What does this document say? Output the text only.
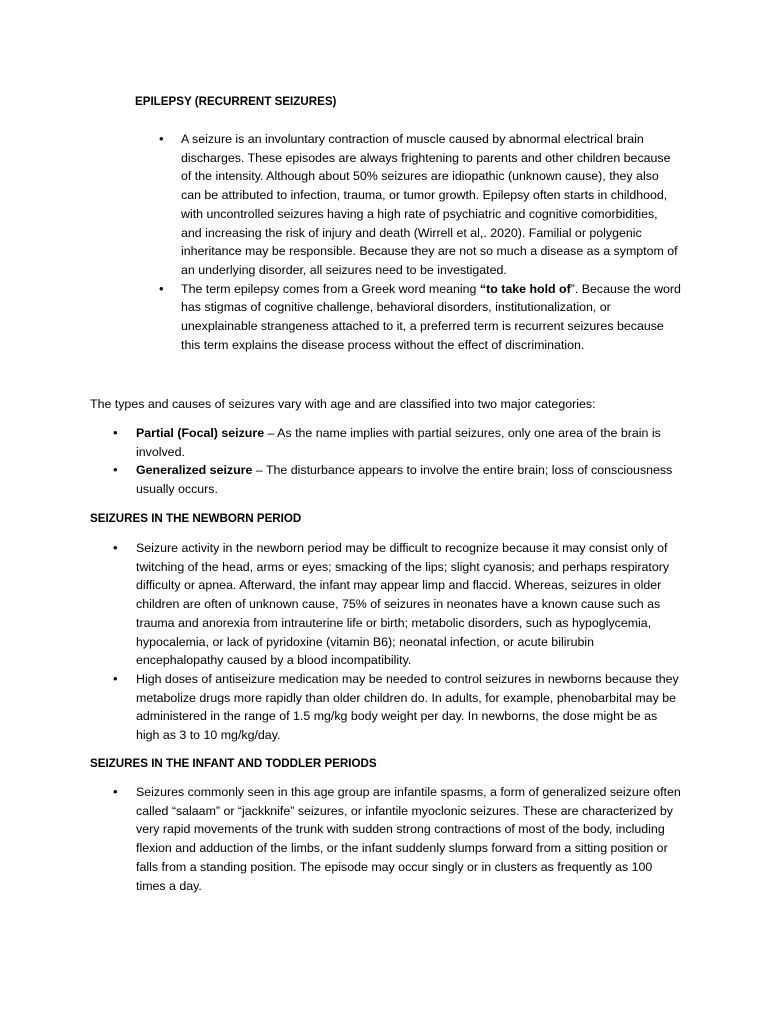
EPILEPSY (RECURRENT SEIZURES)
• A seizure is an involuntary contraction of muscle caused by abnormal electrical brain discharges. These episodes are always frightening to parents and other children because of the intensity. Although about 50% seizures are idiopathic (unknown cause), they also can be attributed to infection, trauma, or tumor growth. Epilepsy often starts in childhood, with uncontrolled seizures having a high rate of psychiatric and cognitive comorbidities, and increasing the risk of injury and death (Wirrell et al,. 2020). Familial or polygenic inheritance may be responsible. Because they are not so much a disease as a symptom of an underlying disorder, all seizures need to be investigated.
• The term epilepsy comes from a Greek word meaning “to take hold of”. Because the word has stigmas of cognitive challenge, behavioral disorders, institutionalization, or unexplainable strangeness attached to it, a preferred term is recurrent seizures because this term explains the disease process without the effect of discrimination.

The types and causes of seizures vary with age and are classified into two major categories:

• Partial (Focal) seizure – As the name implies with partial seizures, only one area of the brain is involved.
• Generalized seizure – The disturbance appears to involve the entire brain; loss of consciousness usually occurs.
SEIZURES IN THE NEWBORN PERIOD
• Seizure activity in the newborn period may be difficult to recognize because it may consist only of twitching of the head, arms or eyes; smacking of the lips; slight cyanosis; and perhaps respiratory difficulty or apnea. Afterward, the infant may appear limp and flaccid. Whereas, seizures in older children are often of unknown cause, 75% of seizures in neonates have a known cause such as trauma and anorexia from intrauterine life or birth; metabolic disorders, such as hypoglycemia, hypocalemia, or lack of pyridoxine (vitamin B6); neonatal infection, or acute bilirubin encephalopathy caused by a blood incompatibility.
• High doses of antiseizure medication may be needed to control seizures in newborns because they metabolize drugs more rapidly than older children do. In adults, for example, phenobarbital may be administered in the range of 1.5 mg/kg body weight per day. In newborns, the dose might be as high as 3 to 10 mg/kg/day.
SEIZURES IN THE INFANT AND TODDLER PERIODS
• Seizures commonly seen in this age group are infantile spasms, a form of generalized seizure often called “salaam” or “jackknife” seizures, or infantile myoclonic seizures. These are characterized by very rapid movements of the trunk with sudden strong contractions of most of the body, including flexion and adduction of the limbs, or the infant suddenly slumps forward from a sitting position or falls from a standing position. The episode may occur singly or in clusters as frequently as 100 times a day.
